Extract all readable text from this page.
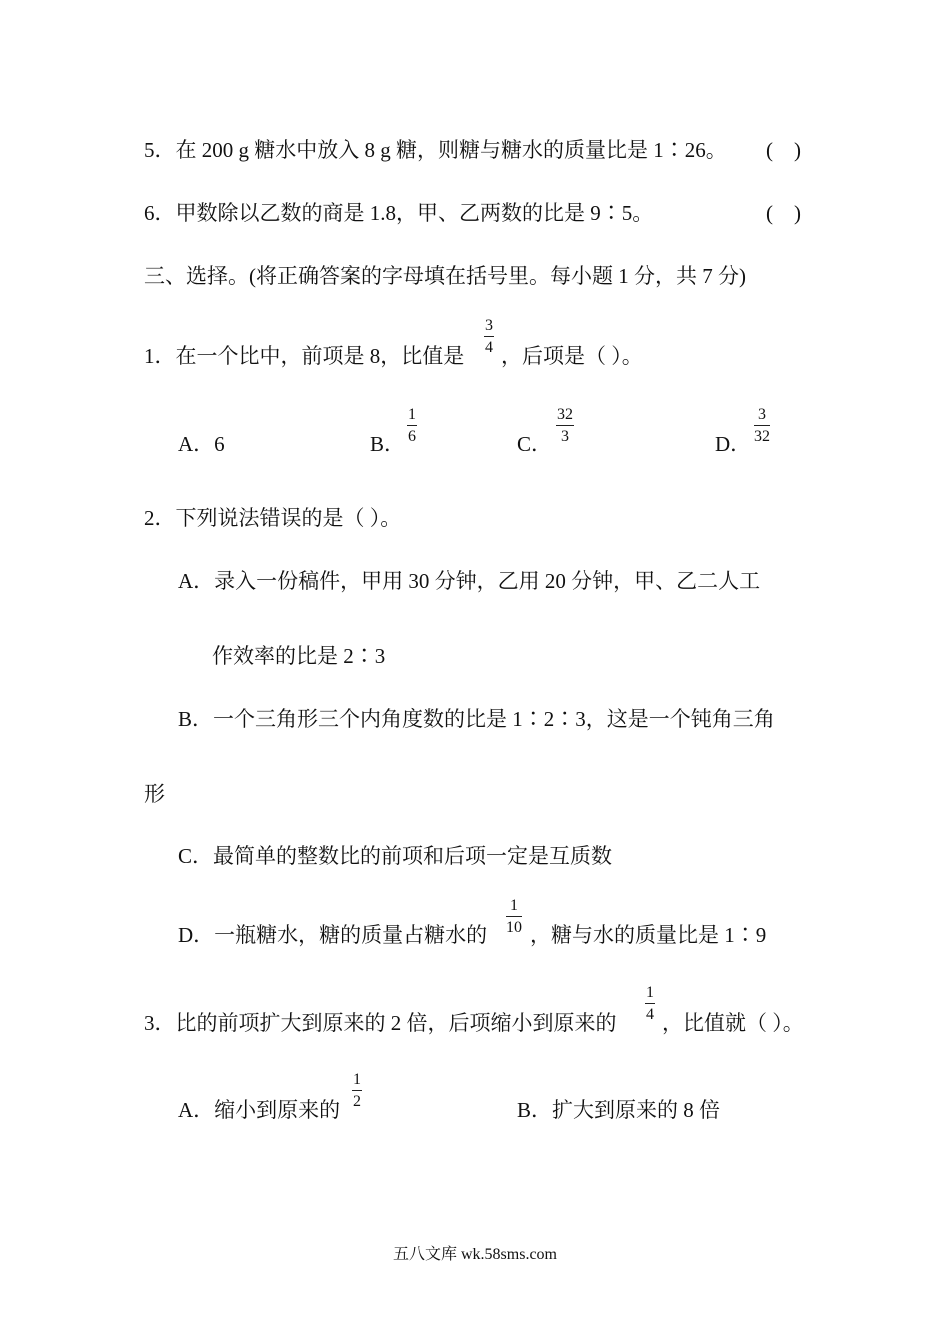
5．在 200 g 糖水中放入 8 g 糖，则糖与糖水的质量比是 1∶26。 (    )
6．甲数除以乙数的商是 1.8，甲、乙两数的比是 9∶5。	(    )
三、选择。(将正确答案的字母填在括号里。每小题 1 分，共 7 分)
1．在一个比中，前项是 8，比值是
3
4 ，后项是（ ）。
A．6	B．
1
6	C．
32
3	D．
3
32
2．下列说法错误的是（ ）。
A．录入一份稿件，甲用 30 分钟，乙用 20 分钟，甲、乙二人工
作效率的比是 2∶3
B．一个三角形三个内角度数的比是 1∶2∶3，这是一个钝角三角
形
C．最简单的整数比的前项和后项一定是互质数
D．一瓶糖水，糖的质量占糖水的
1
10 ，糖与水的质量比是 1∶9
3．比的前项扩大到原来的 2 倍，后项缩小到原来的
1
4 ，比值就（ ）。
A．缩小到原来的
1
2	B．扩大到原来的 8 倍
五八文库 wk.58sms.com
